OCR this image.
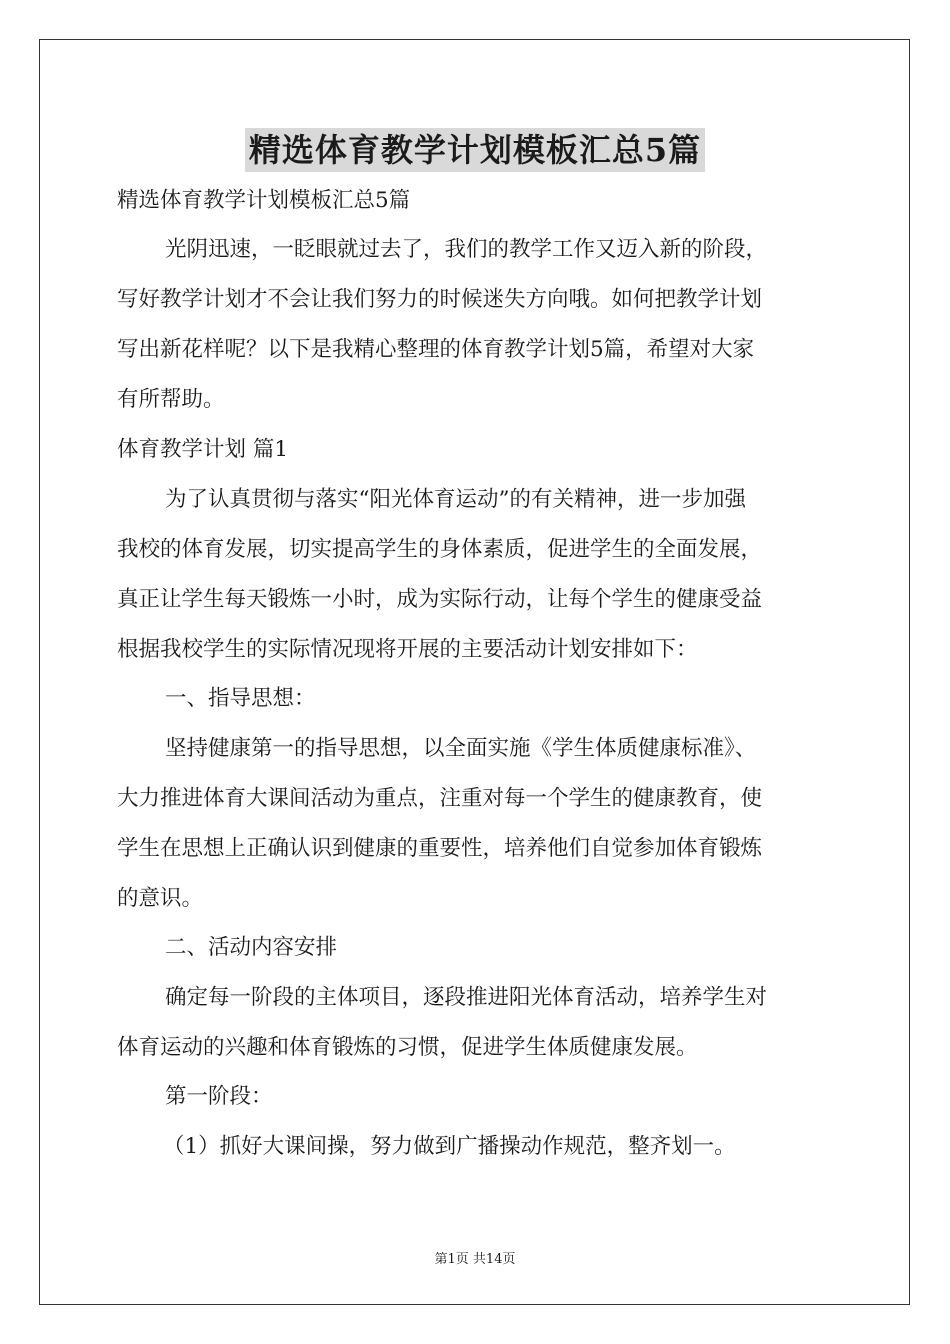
精选体育教学计划模板汇总5篇
精选体育教学计划模板汇总5篇
光阴迅速，一眨眼就过去了，我们的教学工作又迈入新的阶段，
写好教学计划才不会让我们努力的时候迷失方向哦。如何把教学计划
写出新花样呢？以下是我精心整理的体育教学计划5篇，希望对大家
有所帮助。
体育教学计划 篇1
为了认真贯彻与落实“阳光体育运动”的有关精神，进一步加强
我校的体育发展，切实提高学生的身体素质，促进学生的全面发展，
真正让学生每天锻炼一小时，成为实际行动，让每个学生的健康受益
根据我校学生的实际情况现将开展的主要活动计划安排如下：
一、指导思想：
坚持健康第一的指导思想，以全面实施《学生体质健康标准》、
大力推进体育大课间活动为重点，注重对每一个学生的健康教育，使
学生在思想上正确认识到健康的重要性，培养他们自觉参加体育锻炼
的意识。
二、活动内容安排
确定每一阶段的主体项目，逐段推进阳光体育活动，培养学生对
体育运动的兴趣和体育锻炼的习惯，促进学生体质健康发展。
第一阶段：
（1）抓好大课间操，努力做到广播操动作规范，整齐划一。
第1页 共14页
